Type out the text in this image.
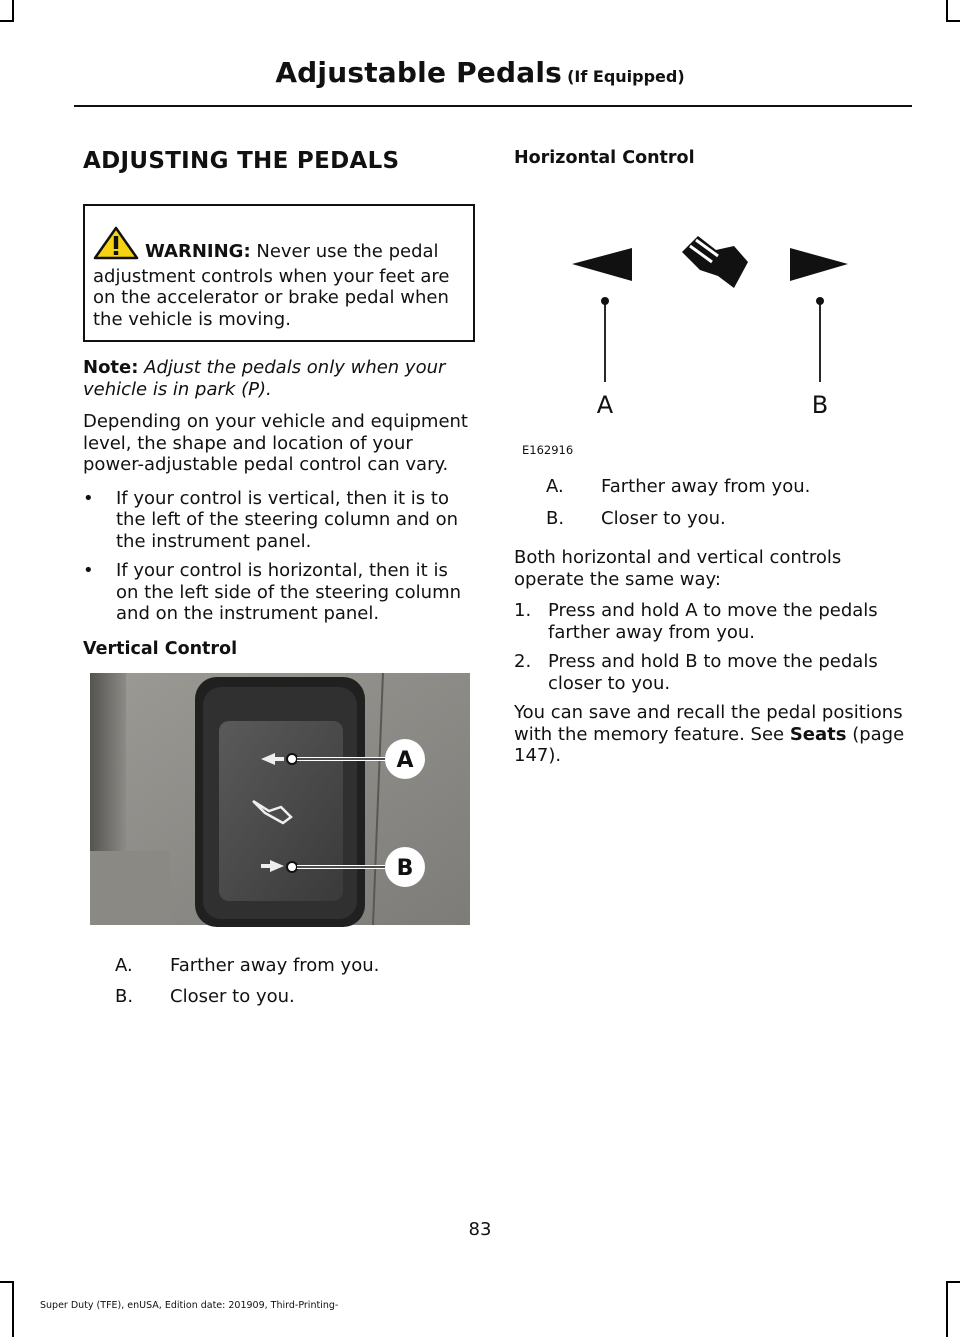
Adjustable Pedals (If Equipped)
ADJUSTING THE PEDALS

WARNING: Never use the pedal adjustment controls when your feet are on the accelerator or brake pedal when the vehicle is moving.

Note: Adjust the pedals only when your vehicle is in park (P).

Depending on your vehicle and equipment level, the shape and location of your power-adjustable pedal control can vary.

• If your control is vertical, then it is to the left of the steering column and on the instrument panel.
• If your control is horizontal, then it is on the left side of the steering column and on the instrument panel.
Vertical Control
A
B
A.	Farther away from you.
B.	Closer to you.
Horizontal Control
A	B
E162916
A.	Farther away from you.
B.	Closer to you.

Both horizontal and vertical controls operate the same way:

1. Press and hold A to move the pedals farther away from you.
2. Press and hold B to move the pedals closer to you.

You can save and recall the pedal positions with the memory feature. See Seats (page 147).

83
Super Duty (TFE), enUSA, Edition date: 201909, Third-Printing-
